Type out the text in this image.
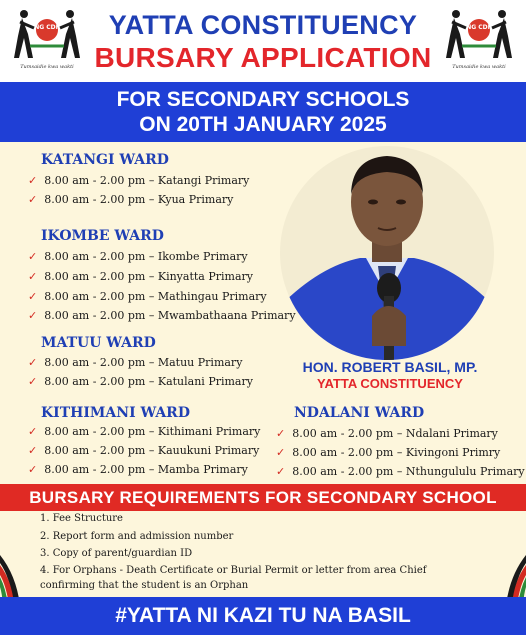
NG CDF
Tumsaidie kwa wakti
NG CDF
Tumsaidie kwa wakti
YATTA CONSTITUENCY
BURSARY APPLICATION
FOR SECONDARY SCHOOLS
ON 20TH JANUARY 2025
KATANGI WARD
✓ 8.00 am - 2.00 pm – Katangi Primary
✓ 8.00 am - 2.00 pm – Kyua Primary
IKOMBE WARD
✓ 8.00 am - 2.00 pm – Ikombe Primary
✓ 8.00 am - 2.00 pm – Kinyatta Primary
✓ 8.00 am - 2.00 pm – Mathingau Primary
✓ 8.00 am - 2.00 pm – Mwambathaana Primary
MATUU WARD
✓ 8.00 am - 2.00 pm – Matuu Primary
✓ 8.00 am - 2.00 pm – Katulani Primary
KITHIMANI WARD
✓ 8.00 am - 2.00 pm – Kithimani Primary
✓ 8.00 am - 2.00 pm – Kauukuni Primary
✓ 8.00 am - 2.00 pm – Mamba Primary
NDALANI WARD
✓ 8.00 am - 2.00 pm – Ndalani Primary
✓ 8.00 am - 2.00 pm – Kivingoni Primry
✓ 8.00 am - 2.00 pm – Nthungululu Primary
HON. ROBERT BASIL, MP.
YATTA CONSTITUENCY
BURSARY REQUIREMENTS FOR SECONDARY SCHOOL
1. Fee Structure
2. Report form and admission number
3. Copy of parent/guardian ID
4. For Orphans - Death Certificate or Burial Permit or letter from area Chief
confirming that the student is an Orphan
#YATTA NI KAZI TU NA BASIL
